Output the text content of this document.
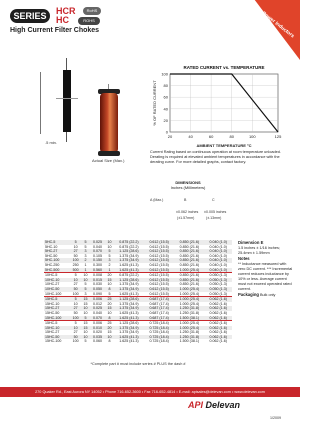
SERIES	HCR
HC
RoHS
ROHS
High Current Filter Chokes	Power Inductors
.5 min.
Actual Size (Max.)
RATED CURRENT vs. TEMPERATURE
20	40	60	80	100	125
100
80
60
40
20
0
% OF RATED CURRENT
AMBIENT TEMPERATURE °C
Current Rating based on continuous operation at room temperature unloaded. Derating is required at elevated ambient temperatures in accordance with the derating curve. For more detailed graphs, contact factory.
DIMENSIONS
Inches (Millimeters)
A (Max.)	B	C
±0.062 inches ±0.005 inches
(±1.57mm)	(±.13mm)
5HC-5	5	5	0.025	10	0.875 (22.2)	0.612 (15.5)	0.850 (21.6)	0.040 (1.0)
5HC-10	10	5	0.040	10	0.875 (22.2)	0.612 (15.5)	0.850 (21.6)	0.040 (1.0)
5HC-27	27	3	0.070	5	1.125 (28.6)	0.612 (15.5)	0.850 (21.6)	0.040 (1.0)
5HC-50	50	3	0.105	5	1.375 (34.9)	0.612 (15.5)	0.850 (21.6)	0.040 (1.0)
5HC-100	100	2	0.150	3	1.375 (34.9)	0.612 (15.5)	0.850 (21.6)	0.040 (1.0)
5HC-250	250	1	0.300	2	1.625 (41.3)	0.612 (15.5)	0.850 (21.6)	0.040 (1.0)
5HC-500	500	1	0.560	1	1.625 (41.3)	0.612 (15.5)	1.000 (25.4)	0.040 (1.0)
10HC-5	5	10	0.008	20	0.875 (22.2)	0.612 (15.5)	0.850 (21.6)	0.050 (1.3)
10HC-10	10	10	0.015	15	1.125 (28.6)	0.612 (15.5)	0.850 (21.6)	0.050 (1.3)
10HC-27	27	5	0.030	10	1.375 (34.9)	0.612 (15.5)	0.850 (21.6)	0.050 (1.3)
10HC-50	50	5	0.050	8	1.375 (34.9)	0.612 (15.5)	1.000 (25.4)	0.050 (1.3)
10HC-100	100	3	0.090	5	1.625 (41.3)	0.612 (15.5)	1.000 (25.4)	0.050 (1.3)
15HC-5	5	15	0.006	25	1.125 (28.6)	0.687 (17.4)	1.000 (25.4)	0.062 (1.6)
15HC-10	10	15	0.012	20	1.375 (34.9)	0.687 (17.4)	1.000 (25.4)	0.062 (1.6)
15HC-27	27	10	0.025	15	1.375 (34.9)	0.687 (17.4)	1.250 (31.8)	0.062 (1.6)
15HC-50	50	10	0.040	10	1.625 (41.3)	0.687 (17.4)	1.250 (31.8)	0.062 (1.6)
15HC-100	100	5	0.070	8	1.625 (41.3)	0.687 (17.4)	1.500 (38.1)	0.062 (1.6)
15HC-5	5	15	0.006	25	1.125 (28.6)	0.725 (18.4)	1.000 (25.4)	0.062 (1.6)
15HC-10	10	15	0.010	20	1.375 (34.9)	0.725 (18.4)	1.000 (25.4)	0.062 (1.6)
15HC-27	27	10	0.020	15	1.375 (34.9)	0.725 (18.4)	1.250 (31.8)	0.062 (1.6)
15HC-50	50	10	0.035	10	1.625 (41.3)	0.725 (18.4)	1.250 (31.8)	0.062 (1.6)
15HC-100	100	5	0.060	8	1.625 (41.3)	0.725 (18.4)	1.500 (38.1)	0.062 (1.6)
Dimension E
1.5 inches ± 1/16 inches; 25.4mm ± 1.59mm
Notes
** Inductance measured with zero DC current. *** Incremental current reduces inductance by 10% or less. Average current must not exceed operated rated current.
Packaging Bulk only
*Complete part # must include series # PLUS the dash #
270 Quaker Rd., East Aurora NY 14052 • Phone 716-652-3600 • Fax 716-652-4814 • E-mail: apisales@delevan.com • www.delevan.com
API Delevan
1/2009
